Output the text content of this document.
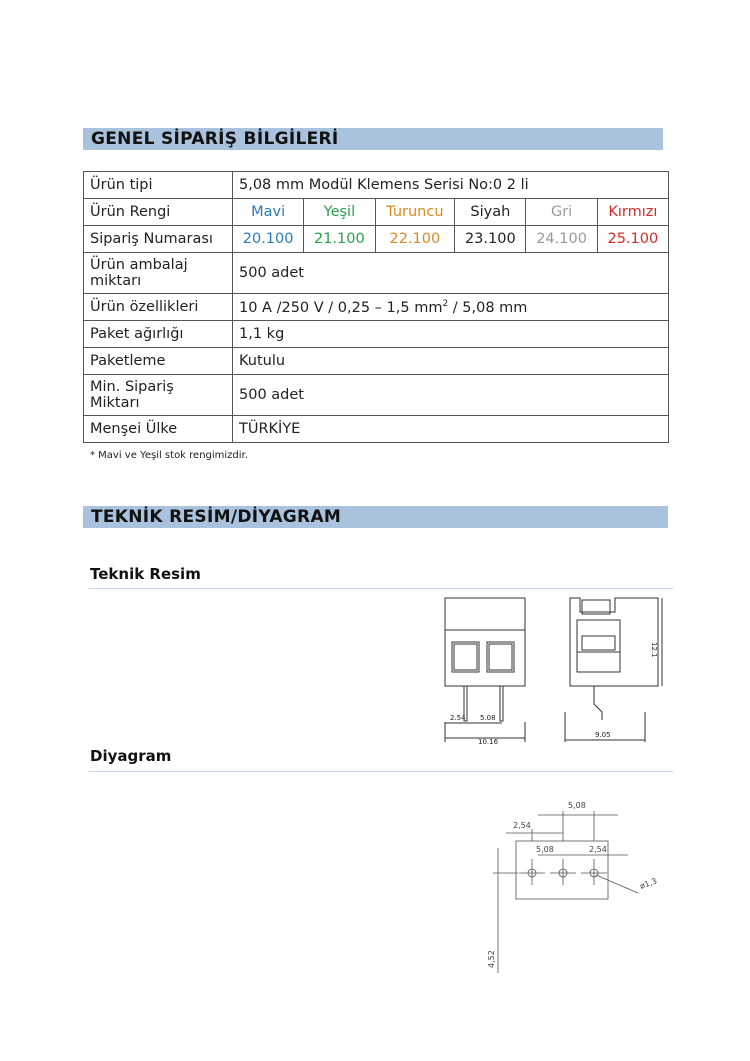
GENEL SİPARİŞ BİLGİLERİ
Ürün tipi	5,08 mm Modül Klemens Serisi No:0 2 li					
Ürün Rengi	Mavi	Yeşil	Turuncu	Siyah	Gri	Kırmızı
Sipariş Numarası	20.100	21.100	22.100	23.100	24.100	25.100
Ürün ambalaj miktarı	500 adet					
Ürün özellikleri	10 A /250 V / 0,25 – 1,5 $mm^2 / 5,08$ mm					
Paket ağırlığı	1,1 kg					
Paketleme	Kutulu					
Min. Sipariş Miktarı	500 adet					
Menşei Ülke	TÜRKİYE					
* Mavi ve Yeşil stok rengimizdir.
TEKNİK RESİM/DİYAGRAM
Teknik Resim
2.54 5.08
10.16
9.05
12.1
Diyagram
5,08
2,54
5,08	2,54
ø1,3
4,52
